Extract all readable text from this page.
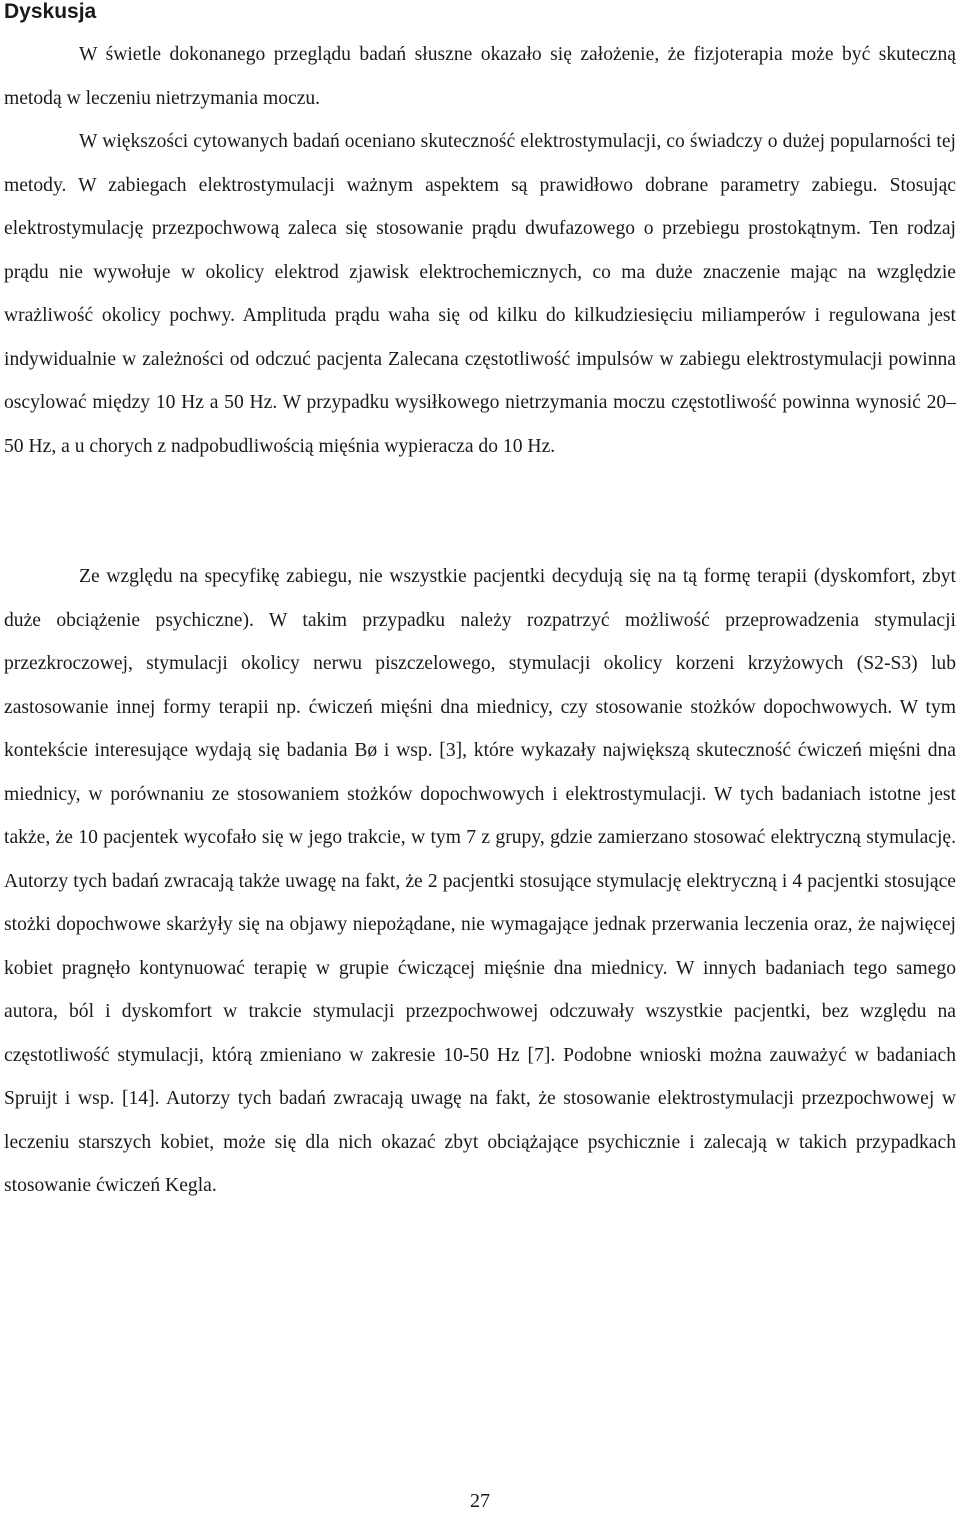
Dyskusja

W świetle dokonanego przeglądu badań słuszne okazało się założenie, że fizjoterapia może być skuteczną metodą w leczeniu nietrzymania moczu.

W większości cytowanych badań oceniano skuteczność elektrostymulacji, co świadczy o dużej popularności tej metody. W zabiegach elektrostymulacji ważnym aspektem są prawidłowo dobrane parametry zabiegu. Stosując elektrostymulację przezpochwową zaleca się stosowanie prądu dwufazowego o przebiegu prostokątnym. Ten rodzaj prądu nie wywołuje w okolicy elektrod zjawisk elektrochemicznych, co ma duże znaczenie mając na względzie wrażliwość okolicy pochwy. Amplituda prądu waha się od kilku do kilkudziesięciu miliamperów i regulowana jest indywidualnie w zależności od odczuć pacjenta Zalecana częstotliwość impulsów w zabiegu elektrostymulacji powinna oscylować między 10 Hz a 50 Hz. W przypadku wysiłkowego nietrzymania moczu częstotliwość powinna wynosić 20–50 Hz, a u chorych z nadpobudliwością mięśnia wypieracza do 10 Hz.

Ze względu na specyfikę zabiegu, nie wszystkie pacjentki decydują się na tą formę terapii (dyskomfort, zbyt duże obciążenie psychiczne). W takim przypadku należy rozpatrzyć możliwość przeprowadzenia stymulacji przezkroczowej, stymulacji okolicy nerwu piszczelowego, stymulacji okolicy korzeni krzyżowych (S2-S3) lub zastosowanie innej formy terapii np. ćwiczeń mięśni dna miednicy, czy stosowanie stożków dopochwowych. W tym kontekście interesujące wydają się badania Bø i wsp. [3], które wykazały największą skuteczność ćwiczeń mięśni dna miednicy, w porównaniu ze stosowaniem stożków dopochwowych i elektrostymulacji. W tych badaniach istotne jest także, że 10 pacjentek wycofało się w jego trakcie, w tym 7 z grupy, gdzie zamierzano stosować elektryczną stymulację. Autorzy tych badań zwracają także uwagę na fakt, że 2 pacjentki stosujące stymulację elektryczną i 4 pacjentki stosujące stożki dopochwowe skarżyły się na objawy niepożądane, nie wymagające jednak przerwania leczenia oraz, że najwięcej kobiet pragnęło kontynuować terapię w grupie ćwiczącej mięśnie dna miednicy. W innych badaniach tego samego autora, ból i dyskomfort w trakcie stymulacji przezpochwowej odczuwały wszystkie pacjentki, bez względu na częstotliwość stymulacji, którą zmieniano w zakresie 10-50 Hz [7]. Podobne wnioski można zauważyć w badaniach Spruijt i wsp. [14]. Autorzy tych badań zwracają uwagę na fakt, że stosowanie elektrostymulacji przezpochwowej w leczeniu starszych kobiet, może się dla nich okazać zbyt obciążające psychicznie i zalecają w takich przypadkach stosowanie ćwiczeń Kegla.

27
